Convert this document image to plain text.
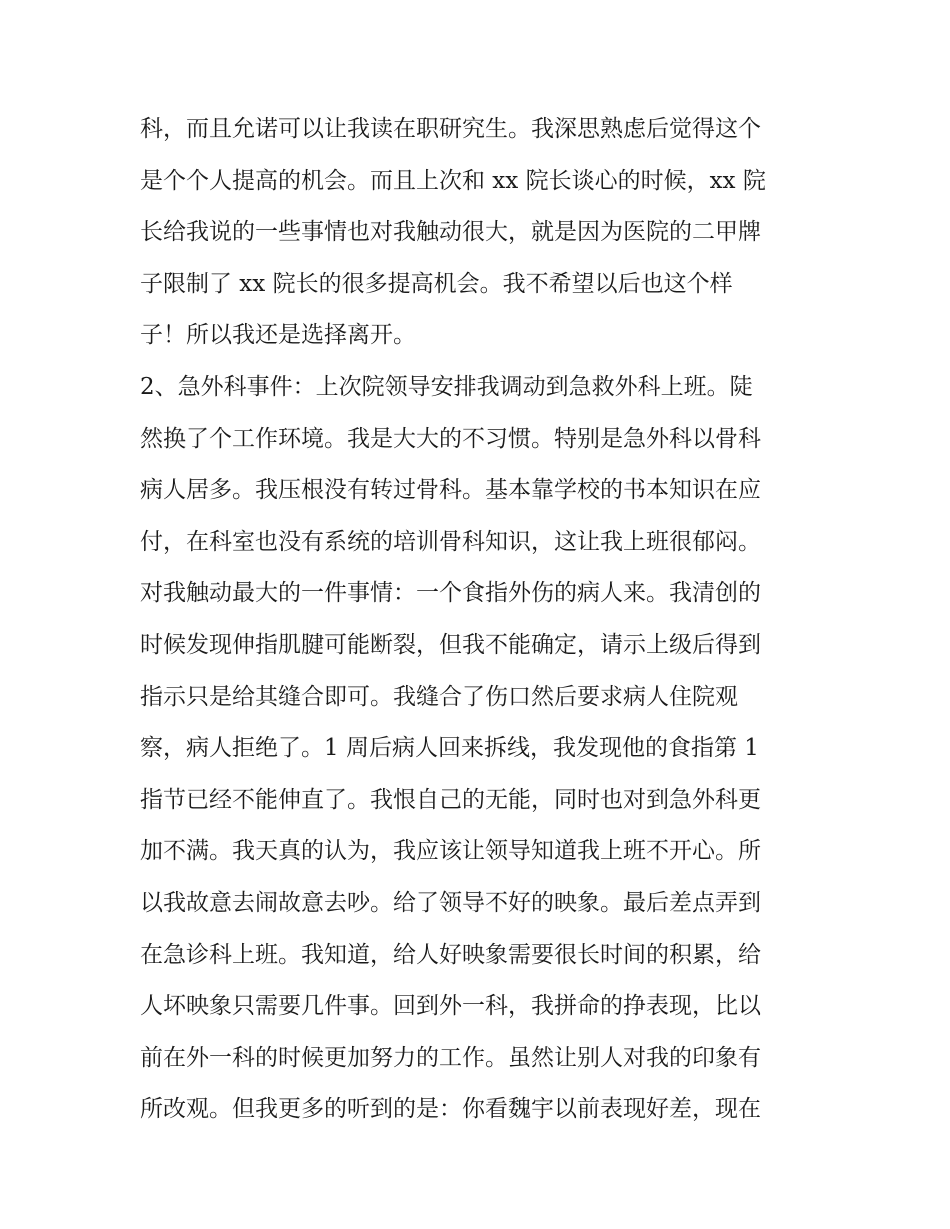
科，而且允诺可以让我读在职研究生。我深思熟虑后觉得这个
是个个人提高的机会。而且上次和 xx 院长谈心的时候，xx 院
长给我说的一些事情也对我触动很大，就是因为医院的二甲牌
子限制了 xx 院长的很多提高机会。我不希望以后也这个样
子！所以我还是选择离开。
2、急外科事件：上次院领导安排我调动到急救外科上班。陡
然换了个工作环境。我是大大的不习惯。特别是急外科以骨科
病人居多。我压根没有转过骨科。基本靠学校的书本知识在应
付，在科室也没有系统的培训骨科知识，这让我上班很郁闷。
对我触动最大的一件事情：一个食指外伤的病人来。我清创的
时候发现伸指肌腱可能断裂，但我不能确定，请示上级后得到
指示只是给其缝合即可。我缝合了伤口然后要求病人住院观
察，病人拒绝了。1 周后病人回来拆线，我发现他的食指第 1
指节已经不能伸直了。我恨自己的无能，同时也对到急外科更
加不满。我天真的认为，我应该让领导知道我上班不开心。所
以我故意去闹故意去吵。给了领导不好的映象。最后差点弄到
在急诊科上班。我知道，给人好映象需要很长时间的积累，给
人坏映象只需要几件事。回到外一科，我拼命的挣表现，比以
前在外一科的时候更加努力的工作。虽然让别人对我的印象有
所改观。但我更多的听到的是：你看魏宇以前表现好差，现在
